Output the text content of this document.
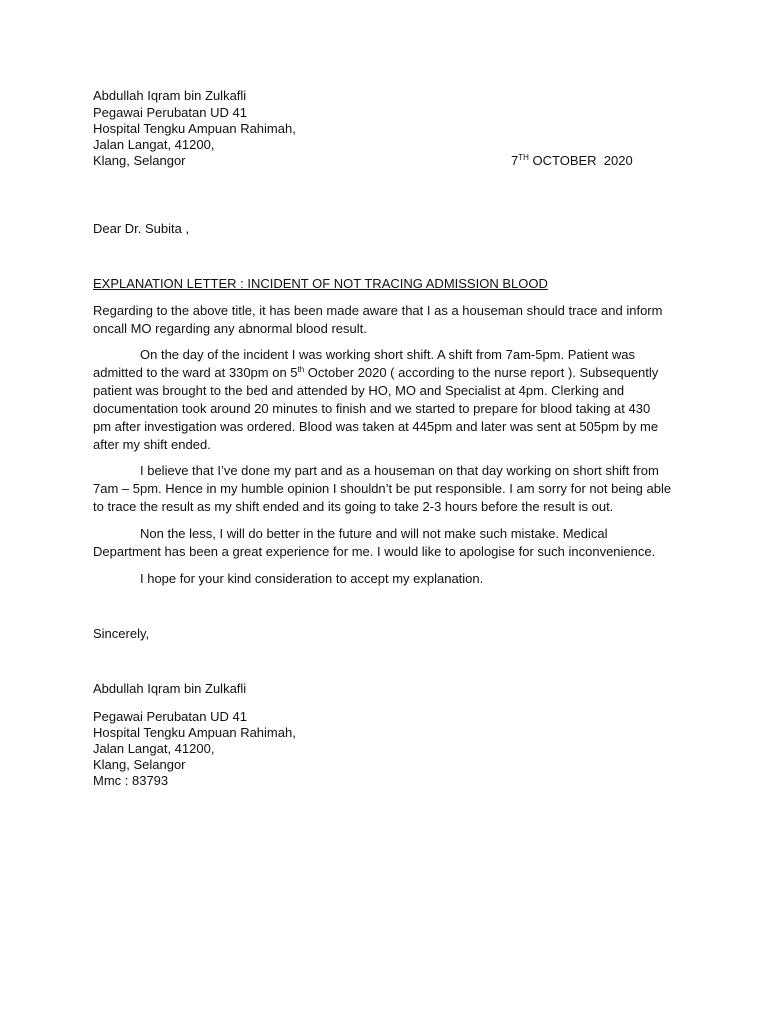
Abdullah Iqram bin Zulkafli
Pegawai Perubatan UD 41
Hospital Tengku Ampuan Rahimah,
Jalan Langat, 41200,
Klang, Selangor	7TH OCTOBER  2020
Dear Dr. Subita ,
EXPLANATION LETTER : INCIDENT OF NOT TRACING ADMISSION BLOOD
Regarding to the above title, it has been made aware that I as a houseman should trace and inform
oncall MO regarding any abnormal blood result.
On the day of the incident I was working short shift. A shift from 7am-5pm. Patient was
admitted to the ward at 330pm on 5th October 2020 ( according to the nurse report ). Subsequently
patient was brought to the bed and attended by HO, MO and Specialist at 4pm. Clerking and
documentation took around 20 minutes to finish and we started to prepare for blood taking at 430
pm after investigation was ordered. Blood was taken at 445pm and later was sent at 505pm by me
after my shift ended.
I believe that I’ve done my part and as a houseman on that day working on short shift from
7am – 5pm. Hence in my humble opinion I shouldn’t be put responsible. I am sorry for not being able
to trace the result as my shift ended and its going to take 2-3 hours before the result is out.
Non the less, I will do better in the future and will not make such mistake. Medical
Department has been a great experience for me. I would like to apologise for such inconvenience.
I hope for your kind consideration to accept my explanation.
Sincerely,
Abdullah Iqram bin Zulkafli
Pegawai Perubatan UD 41
Hospital Tengku Ampuan Rahimah,
Jalan Langat, 41200,
Klang, Selangor
Mmc : 83793
